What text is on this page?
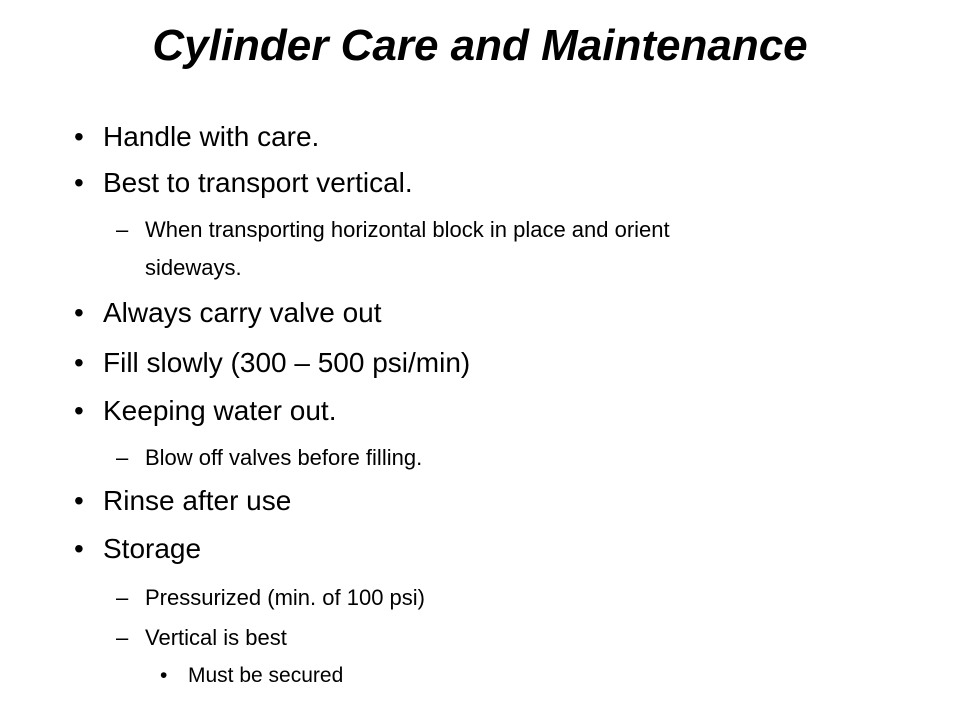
Cylinder Care and Maintenance
• Handle with care.
• Best to transport vertical.
– When transporting horizontal block in place and orient
sideways.
• Always carry valve out
• Fill slowly (300 – 500 psi/min)
• Keeping water out.
– Blow off valves before filling.
• Rinse after use
• Storage
– Pressurized (min. of 100 psi)
– Vertical is best
• Must be secured
